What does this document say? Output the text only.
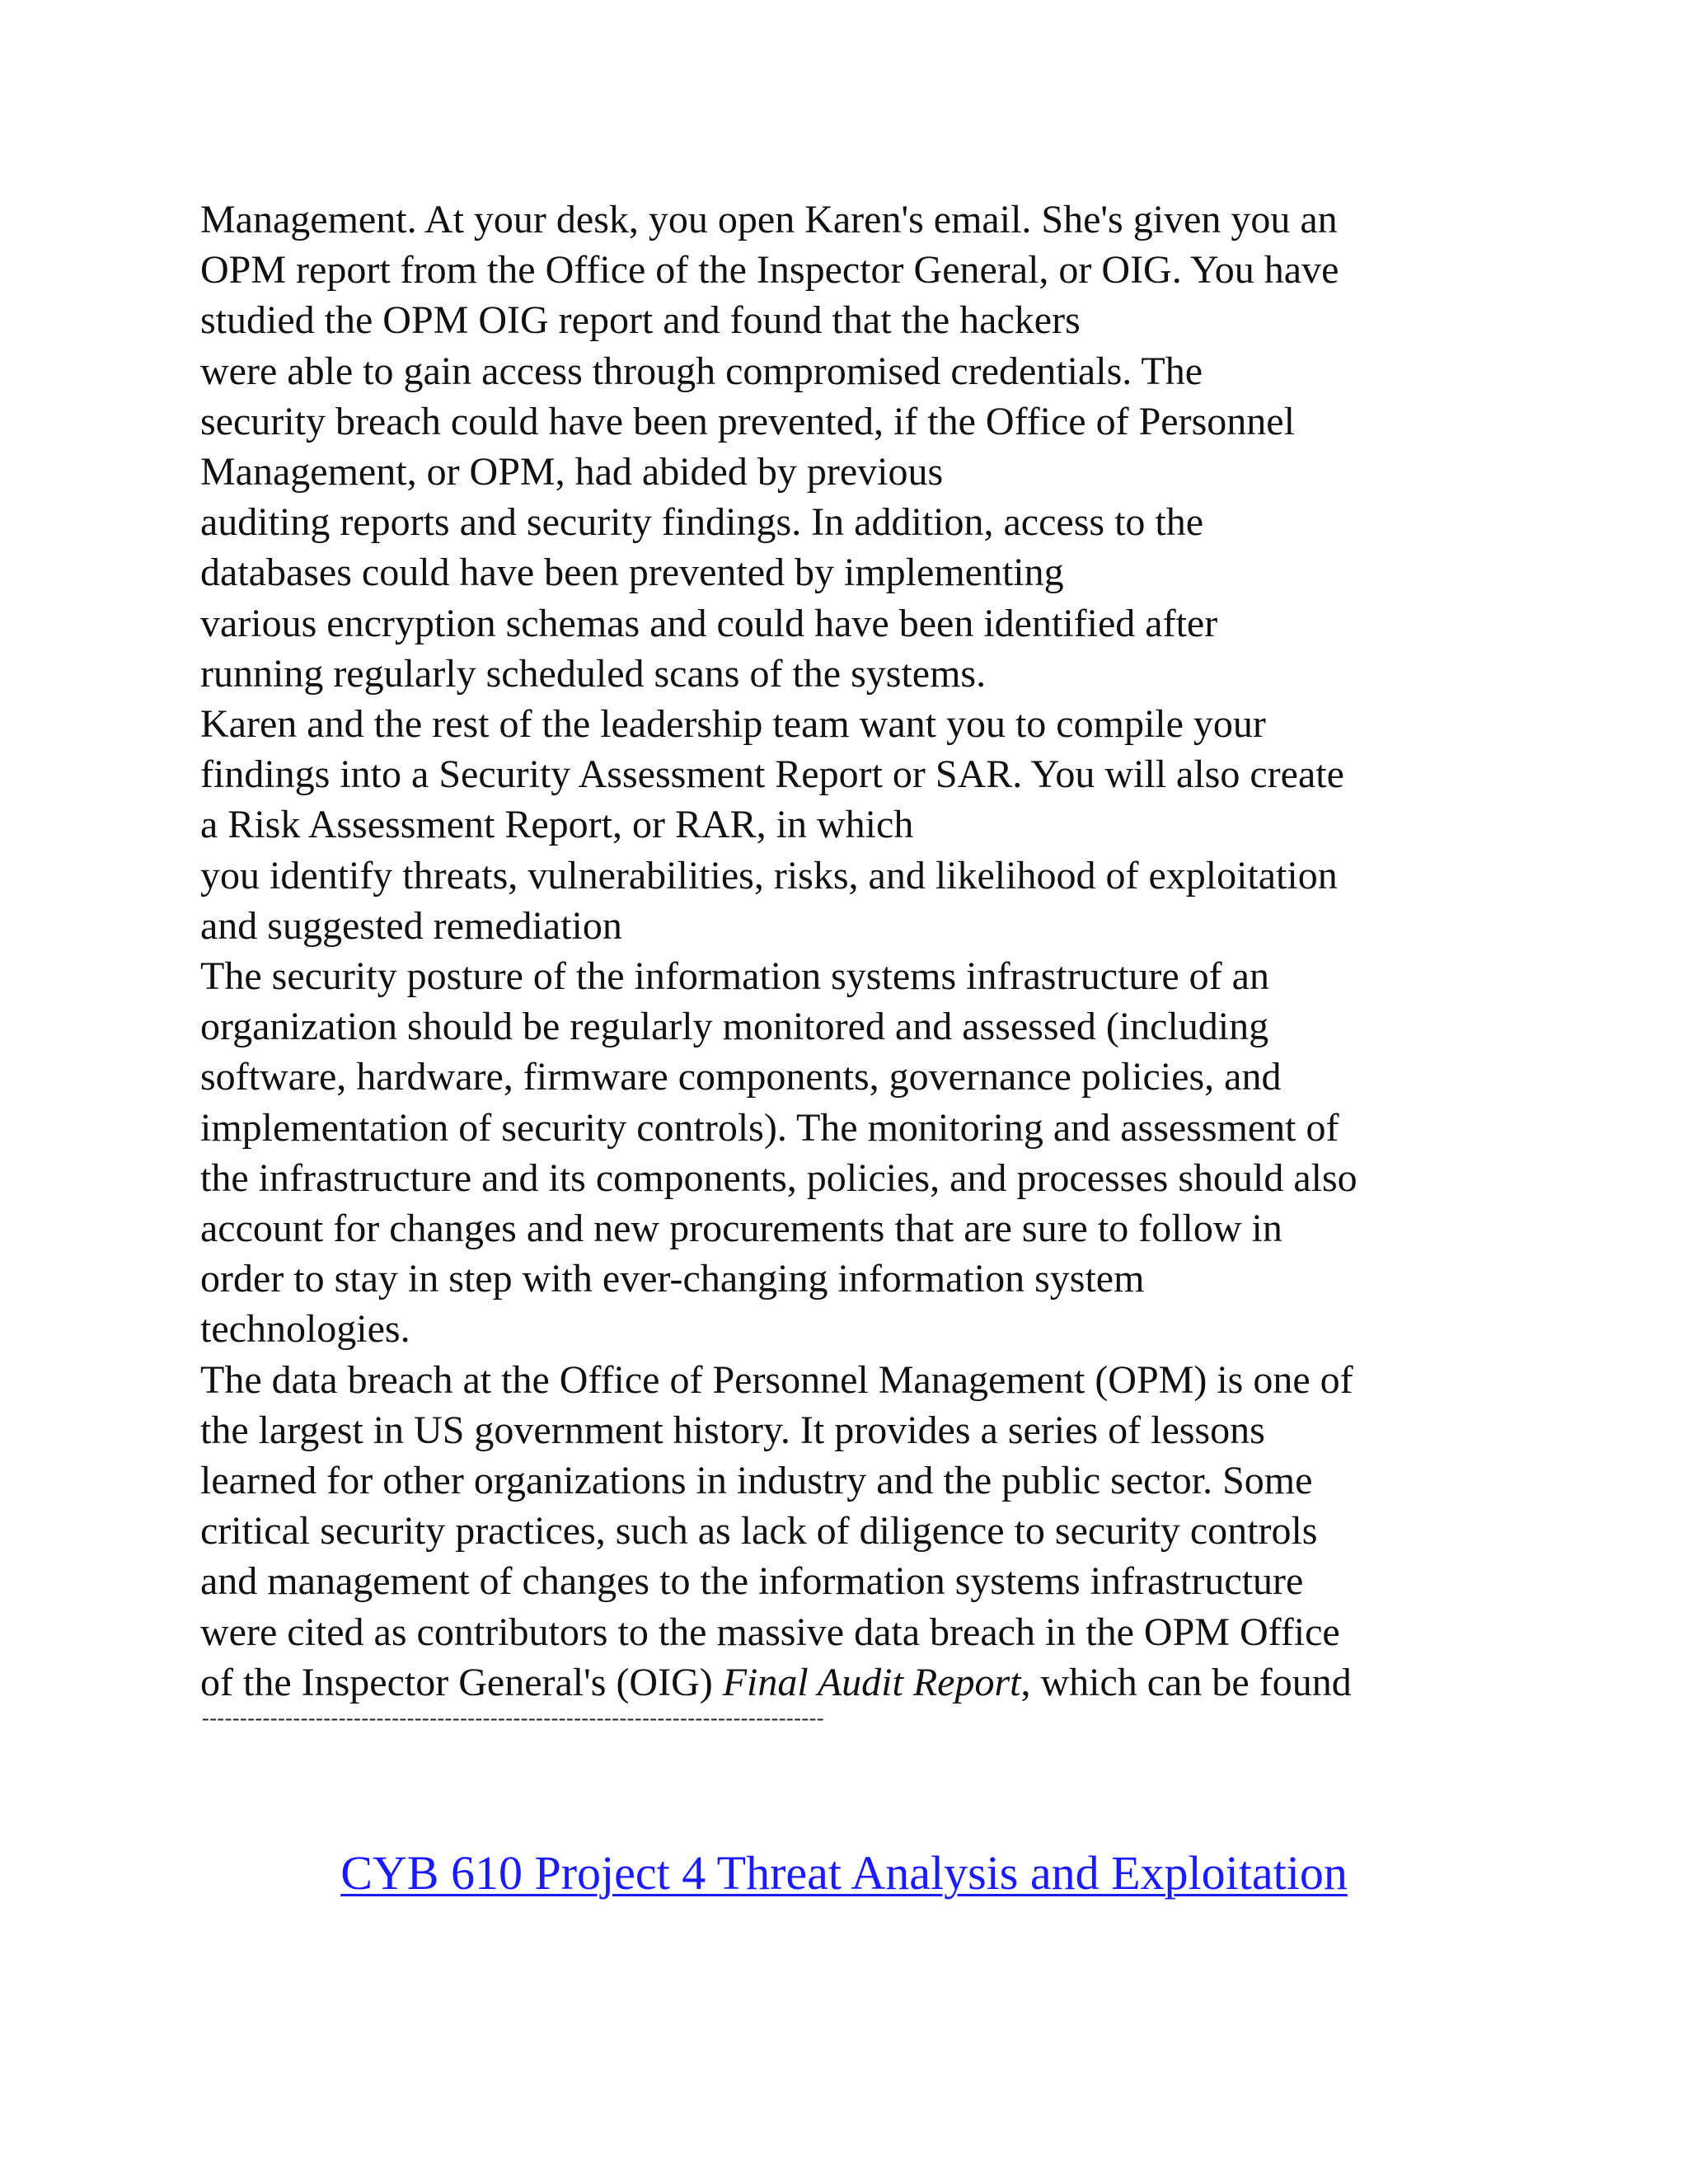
Management. At your desk, you open Karen's email. She's given you an
OPM report from the Office of the Inspector General, or OIG. You have
studied the OPM OIG report and found that the hackers
were able to gain access through compromised credentials. The
security breach could have been prevented, if the Office of Personnel
Management, or OPM, had abided by previous
auditing reports and security findings. In addition, access to the
databases could have been prevented by implementing
various encryption schemas and could have been identified after
running regularly scheduled scans of the systems.
Karen and the rest of the leadership team want you to compile your
findings into a Security Assessment Report or SAR. You will also create
a Risk Assessment Report, or RAR, in which
you identify threats, vulnerabilities, risks, and likelihood of exploitation
and suggested remediation
The security posture of the information systems infrastructure of an
organization should be regularly monitored and assessed (including
software, hardware, firmware components, governance policies, and
implementation of security controls). The monitoring and assessment of
the infrastructure and its components, policies, and processes should also
account for changes and new procurements that are sure to follow in
order to stay in step with ever-changing information system
technologies.
The data breach at the Office of Personnel Management (OPM) is one of
the largest in US government history. It provides a series of lessons
learned for other organizations in industry and the public sector. Some
critical security practices, such as lack of diligence to security controls
and management of changes to the information systems infrastructure
were cited as contributors to the massive data breach in the OPM Office
of the Inspector General's (OIG) Final Audit Report, which can be found
----------------------------------------------------------------------------------
CYB 610 Project 4 Threat Analysis and Exploitation
